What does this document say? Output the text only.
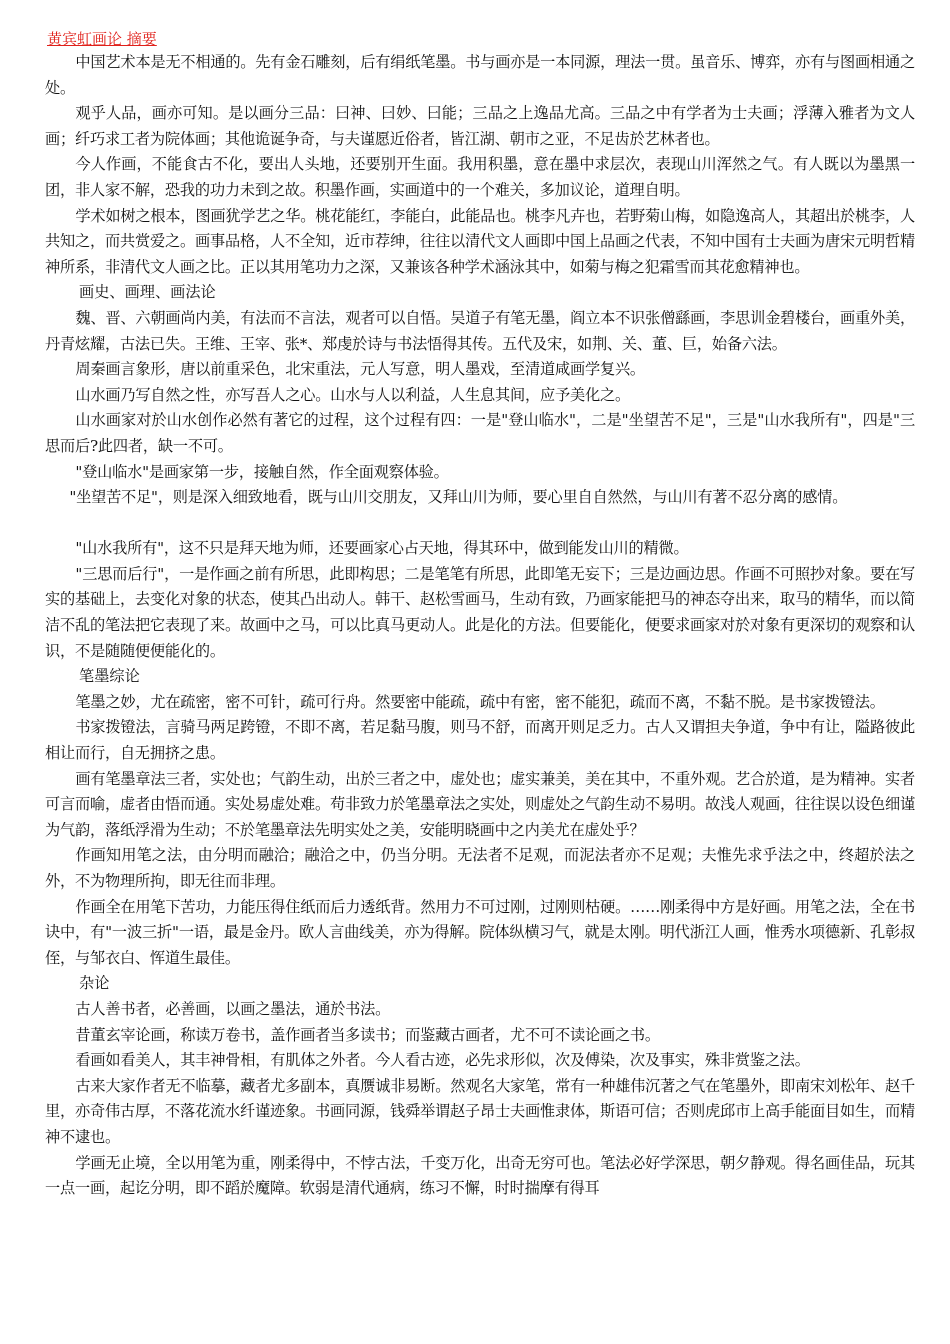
黄宾虹画论 摘要

中国艺术本是无不相通的。先有金石雕刻，后有绢纸笔墨。书与画亦是一本同源，理法一贯。虽音乐、博弈，亦有与图画相通之处。

观乎人品，画亦可知。是以画分三品：曰神、曰妙、曰能；三品之上逸品尤高。三品之中有学者为士夫画；浮薄入雅者为文人画；纤巧求工者为院体画；其他诡诞争奇，与夫谨愿近俗者，皆江湖、朝市之亚，不足齿於艺林者也。

今人作画，不能食古不化，要出人头地，还要别开生面。我用积墨，意在墨中求层次，表现山川浑然之气。有人既以为墨黑一团，非人家不解，恐我的功力未到之故。积墨作画，实画道中的一个难关，多加议论，道理自明。

学术如树之根本，图画犹学艺之华。桃花能红，李能白，此能品也。桃李凡卉也，若野菊山梅，如隐逸高人，其超出於桃李，人共知之，而共赏爱之。画事品格，人不全知，近市荐绅，往往以清代文人画即中国上品画之代表，不知中国有士夫画为唐宋元明哲精神所系，非清代文人画之比。正以其用笔功力之深，又兼该各种学术涵泳其中，如菊与梅之犯霜雪而其花愈精神也。

画史、画理、画法论

魏、晋、六朝画尚内美，有法而不言法，观者可以自悟。吴道子有笔无墨，阎立本不识张僧繇画，李思训金碧楼台，画重外美，丹青炫耀，古法已失。王维、王宰、张*、郑虔於诗与书法悟得其传。五代及宋，如荆、关、董、巨，始备六法。

周秦画言象形，唐以前重采色，北宋重法，元人写意，明人墨戏，至清道咸画学复兴。

山水画乃写自然之性，亦写吾人之心。山水与人以利益，人生息其间，应予美化之。

山水画家对於山水创作必然有著它的过程，这个过程有四：一是"登山临水"，二是"坐望苦不足"，三是"山水我所有"，四是"三思而后?此四者，缺一不可。

"登山临水"是画家第一步，接触自然，作全面观察体验。

"坐望苦不足"，则是深入细致地看，既与山川交朋友，又拜山川为师，要心里自自然然，与山川有著不忍分离的感情。

"山水我所有"，这不只是拜天地为师，还要画家心占天地，得其环中，做到能发山川的精微。

"三思而后行"，一是作画之前有所思，此即构思；二是笔笔有所思，此即笔无妄下；三是边画边思。作画不可照抄对象。要在写实的基础上，去变化对象的状态，使其凸出动人。韩干、赵松雪画马，生动有致，乃画家能把马的神态夺出来，取马的精华，而以简洁不乱的笔法把它表现了来。故画中之马，可以比真马更动人。此是化的方法。但要能化，便要求画家对於对象有更深切的观察和认识，不是随随便便能化的。

笔墨综论

笔墨之妙，尤在疏密，密不可针，疏可行舟。然要密中能疏，疏中有密，密不能犯，疏而不离，不黏不脱。是书家拨镫法。

书家拨镫法，言骑马两足跨镫，不即不离，若足黏马腹，则马不舒，而离开则足乏力。古人又谓担夫争道，争中有让，隘路彼此相让而行，自无拥挤之患。

画有笔墨章法三者，实处也；气韵生动，出於三者之中，虚处也；虚实兼美，美在其中，不重外观。艺合於道，是为精神。实者可言而喻，虚者由悟而通。实处易虚处难。苟非致力於笔墨章法之实处，则虚处之气韵生动不易明。故浅人观画，往往误以设色细谨为气韵，落纸浮滑为生动；不於笔墨章法先明实处之美，安能明晓画中之内美尤在虚处乎？

作画知用笔之法，由分明而融洽；融洽之中，仍当分明。无法者不足观，而泥法者亦不足观；夫惟先求乎法之中，终超於法之外，不为物理所拘，即无往而非理。

作画全在用笔下苦功，力能压得住纸而后力透纸背。然用力不可过刚，过刚则枯硬。……刚柔得中方是好画。用笔之法，全在书诀中，有"一波三折"一语，最是金丹。欧人言曲线美，亦为得解。院体纵横习气，就是太刚。明代浙江人画，惟秀水项德新、孔彰叔侄，与邹衣白、恽道生最佳。

杂论

古人善书者，必善画，以画之墨法，通於书法。

昔董玄宰论画，称读万卷书，盖作画者当多读书；而鉴藏古画者，尤不可不读论画之书。

看画如看美人，其丰神骨相，有肌体之外者。今人看古迹，必先求形似，次及傅染，次及事实，殊非赏鉴之法。

古来大家作者无不临摹，藏者尤多副本，真赝诚非易断。然观名大家笔，常有一种雄伟沉著之气在笔墨外，即南宋刘松年、赵千里，亦奇伟古厚，不落花流水纤谨迹象。书画同源，钱舜举谓赵子昂士夫画惟隶体，斯语可信；否则虎邱市上高手能面目如生，而精神不逮也。

学画无止境，全以用笔为重，刚柔得中，不悖古法，千变万化，出奇无穷可也。笔法必好学深思，朝夕静观。得名画佳品，玩其一点一画，起讫分明，即不蹈於魔障。软弱是清代通病，练习不懈，时时揣摩有得耳
